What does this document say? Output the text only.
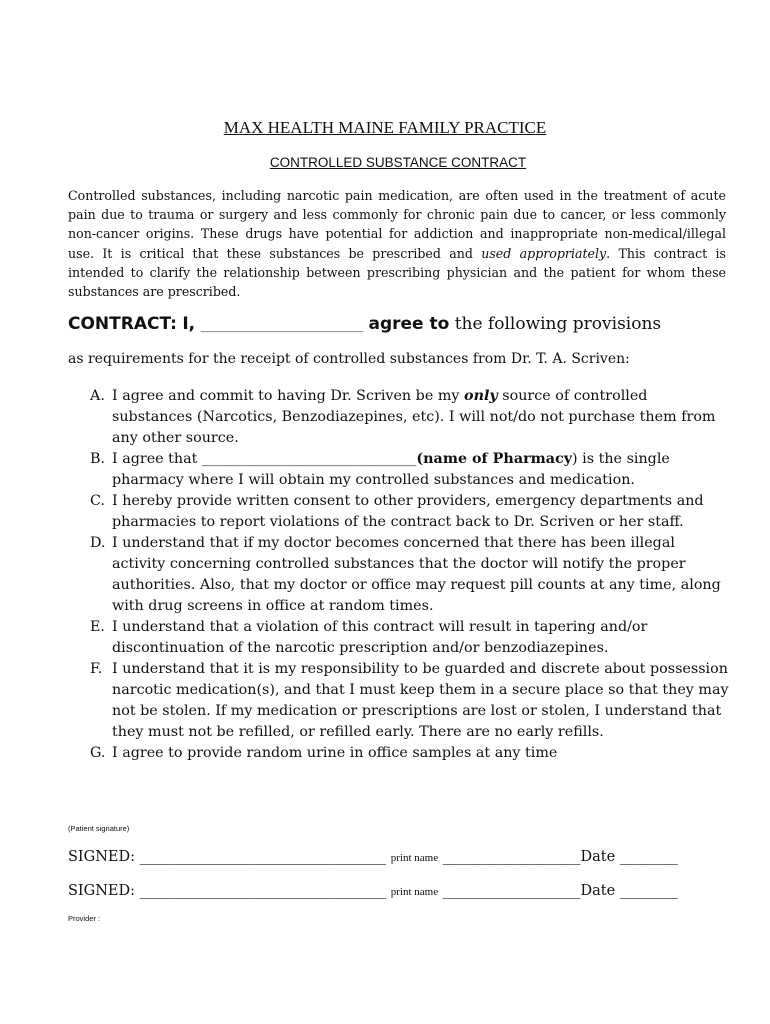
MAX HEALTH MAINE FAMILY PRACTICE
CONTROLLED SUBSTANCE CONTRACT

Controlled substances, including narcotic pain medication, are often used in the treatment of acute pain due to trauma or surgery and less commonly for chronic pain due to cancer, or less commonly non-cancer origins. These drugs have potential for addiction and inappropriate non-medical/illegal use. It is critical that these substances be prescribed and used appropriately. This contract is intended to clarify the relationship between prescribing physician and the patient for whom these substances are prescribed.

CONTRACT: I, _________________________ agree to the following provisions
as requirements for the receipt of controlled substances from Dr. T. A. Scriven:
A. I agree and commit to having Dr. Scriven be my only source of controlled substances (Narcotics, Benzodiazepines, etc). I will not/do not purchase them from any other source.
B. I agree that ______________________________(name of Pharmacy) is the single pharmacy where I will obtain my controlled substances and medication.
C. I hereby provide written consent to other providers, emergency departments and pharmacies to report violations of the contract back to Dr. Scriven or her staff.
D. I understand that if my doctor becomes concerned that there has been illegal activity concerning controlled substances that the doctor will notify the proper authorities. Also, that my doctor or office may request pill counts at any time, along with drug screens in office at random times.
E. I understand that a violation of this contract will result in tapering and/or discontinuation of the narcotic prescription and/or benzodiazepines.
F. I understand that it is my responsibility to be guarded and discrete about possession narcotic medication(s), and that I must keep them in a secure place so that they may not be stolen. If my medication or prescriptions are lost or stolen, I understand that they must not be refilled, or refilled early. There are no early refills.
G. I agree to provide random urine in office samples at any time
(Patient signature)
SIGNED: __________________________________ print name ___________________Date ________
SIGNED: __________________________________ print name ___________________Date ________
Provider :
